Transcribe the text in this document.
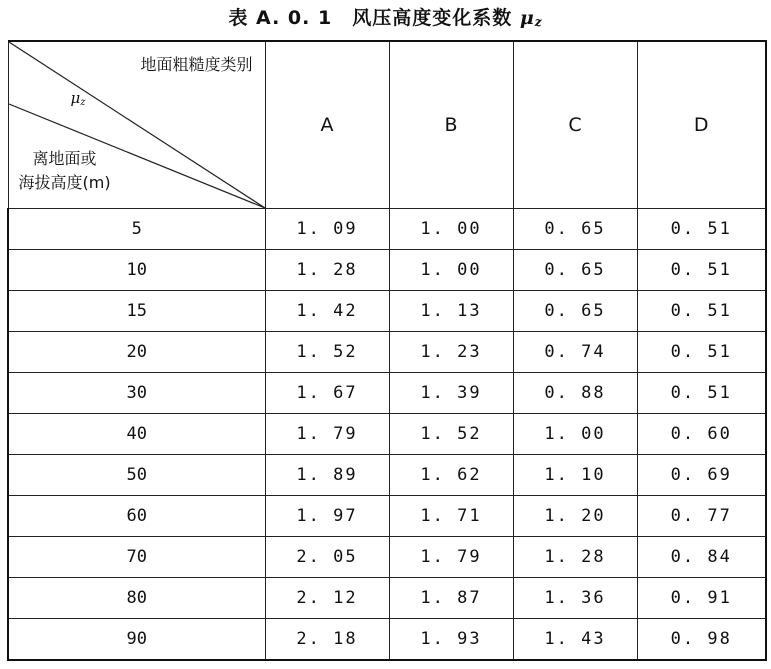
表 A. 0. 1　风压高度变化系数 μz
地面粗糙度类别
$\mu_z$
离地面或
海拔高度(m)	A	B	C	D
5	1. 09	1. 00	0. 65	0. 51
10	1. 28	1. 00	0. 65	0. 51
15	1. 42	1. 13	0. 65	0. 51
20	1. 52	1. 23	0. 74	0. 51
30	1. 67	1. 39	0. 88	0. 51
40	1. 79	1. 52	1. 00	0. 60
50	1. 89	1. 62	1. 10	0. 69
60	1. 97	1. 71	1. 20	0. 77
70	2. 05	1. 79	1. 28	0. 84
80	2. 12	1. 87	1. 36	0. 91
90	2. 18	1. 93	1. 43	0. 98
